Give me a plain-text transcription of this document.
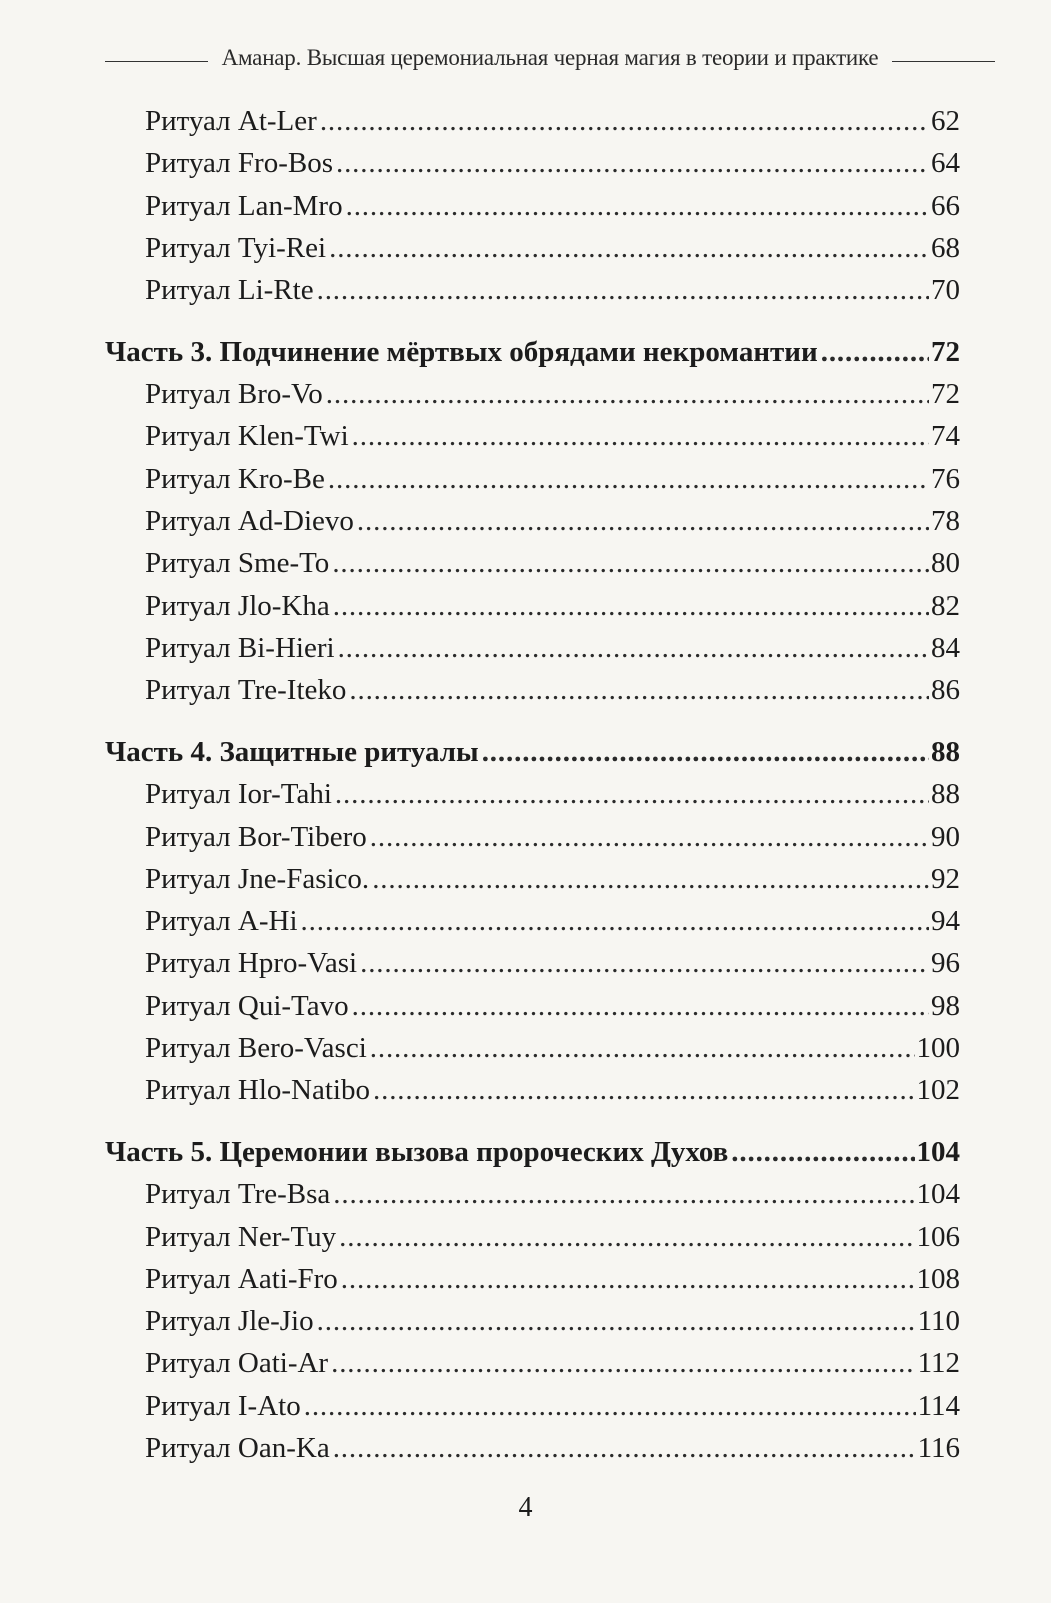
Аманар. Высшая церемониальная черная магия в теории и практике
Ритуал At-Ler . . .	62
Ритуал Fro-Bos . . .	64
Ритуал Lan-Mro . . .	66
Ритуал Tyi-Rei . . .	68
Ритуал Li-Rte . . .	70
Часть 3. Подчинение мёртвых обрядами некромантии . . .	72
Ритуал Bro-Vo . . .	72
Ритуал Klen-Twi . . .	74
Ритуал Kro-Be . . .	76
Ритуал Ad-Dievo . . .	78
Ритуал Sme-To . . .	80
Ритуал Jlo-Kha . . .	82
Ритуал Bi-Hieri . . .	84
Ритуал Tre-Iteko . . .	86
Часть 4. Защитные ритуалы . . .	88
Ритуал Ior-Tahi . . .	88
Ритуал Bor-Tibero . . .	90
Ритуал Jne-Fasico. . . .	92
Ритуал A-Hi . . .	94
Ритуал Hpro-Vasi . . .	96
Ритуал Qui-Tavo . . .	98
Ритуал Bero-Vasci . . .	100
Ритуал Hlo-Natibo . . .	102
Часть 5. Церемонии вызова пророческих Духов . . .	104
Ритуал Tre-Bsa . . .	104
Ритуал Ner-Tuy . . .	106
Ритуал Aati-Fro . . .	108
Ритуал Jle-Jio . . .	110
Ритуал Oati-Ar . . .	112
Ритуал I-Ato . . .	114
Ритуал Oan-Ka . . .	116
4
